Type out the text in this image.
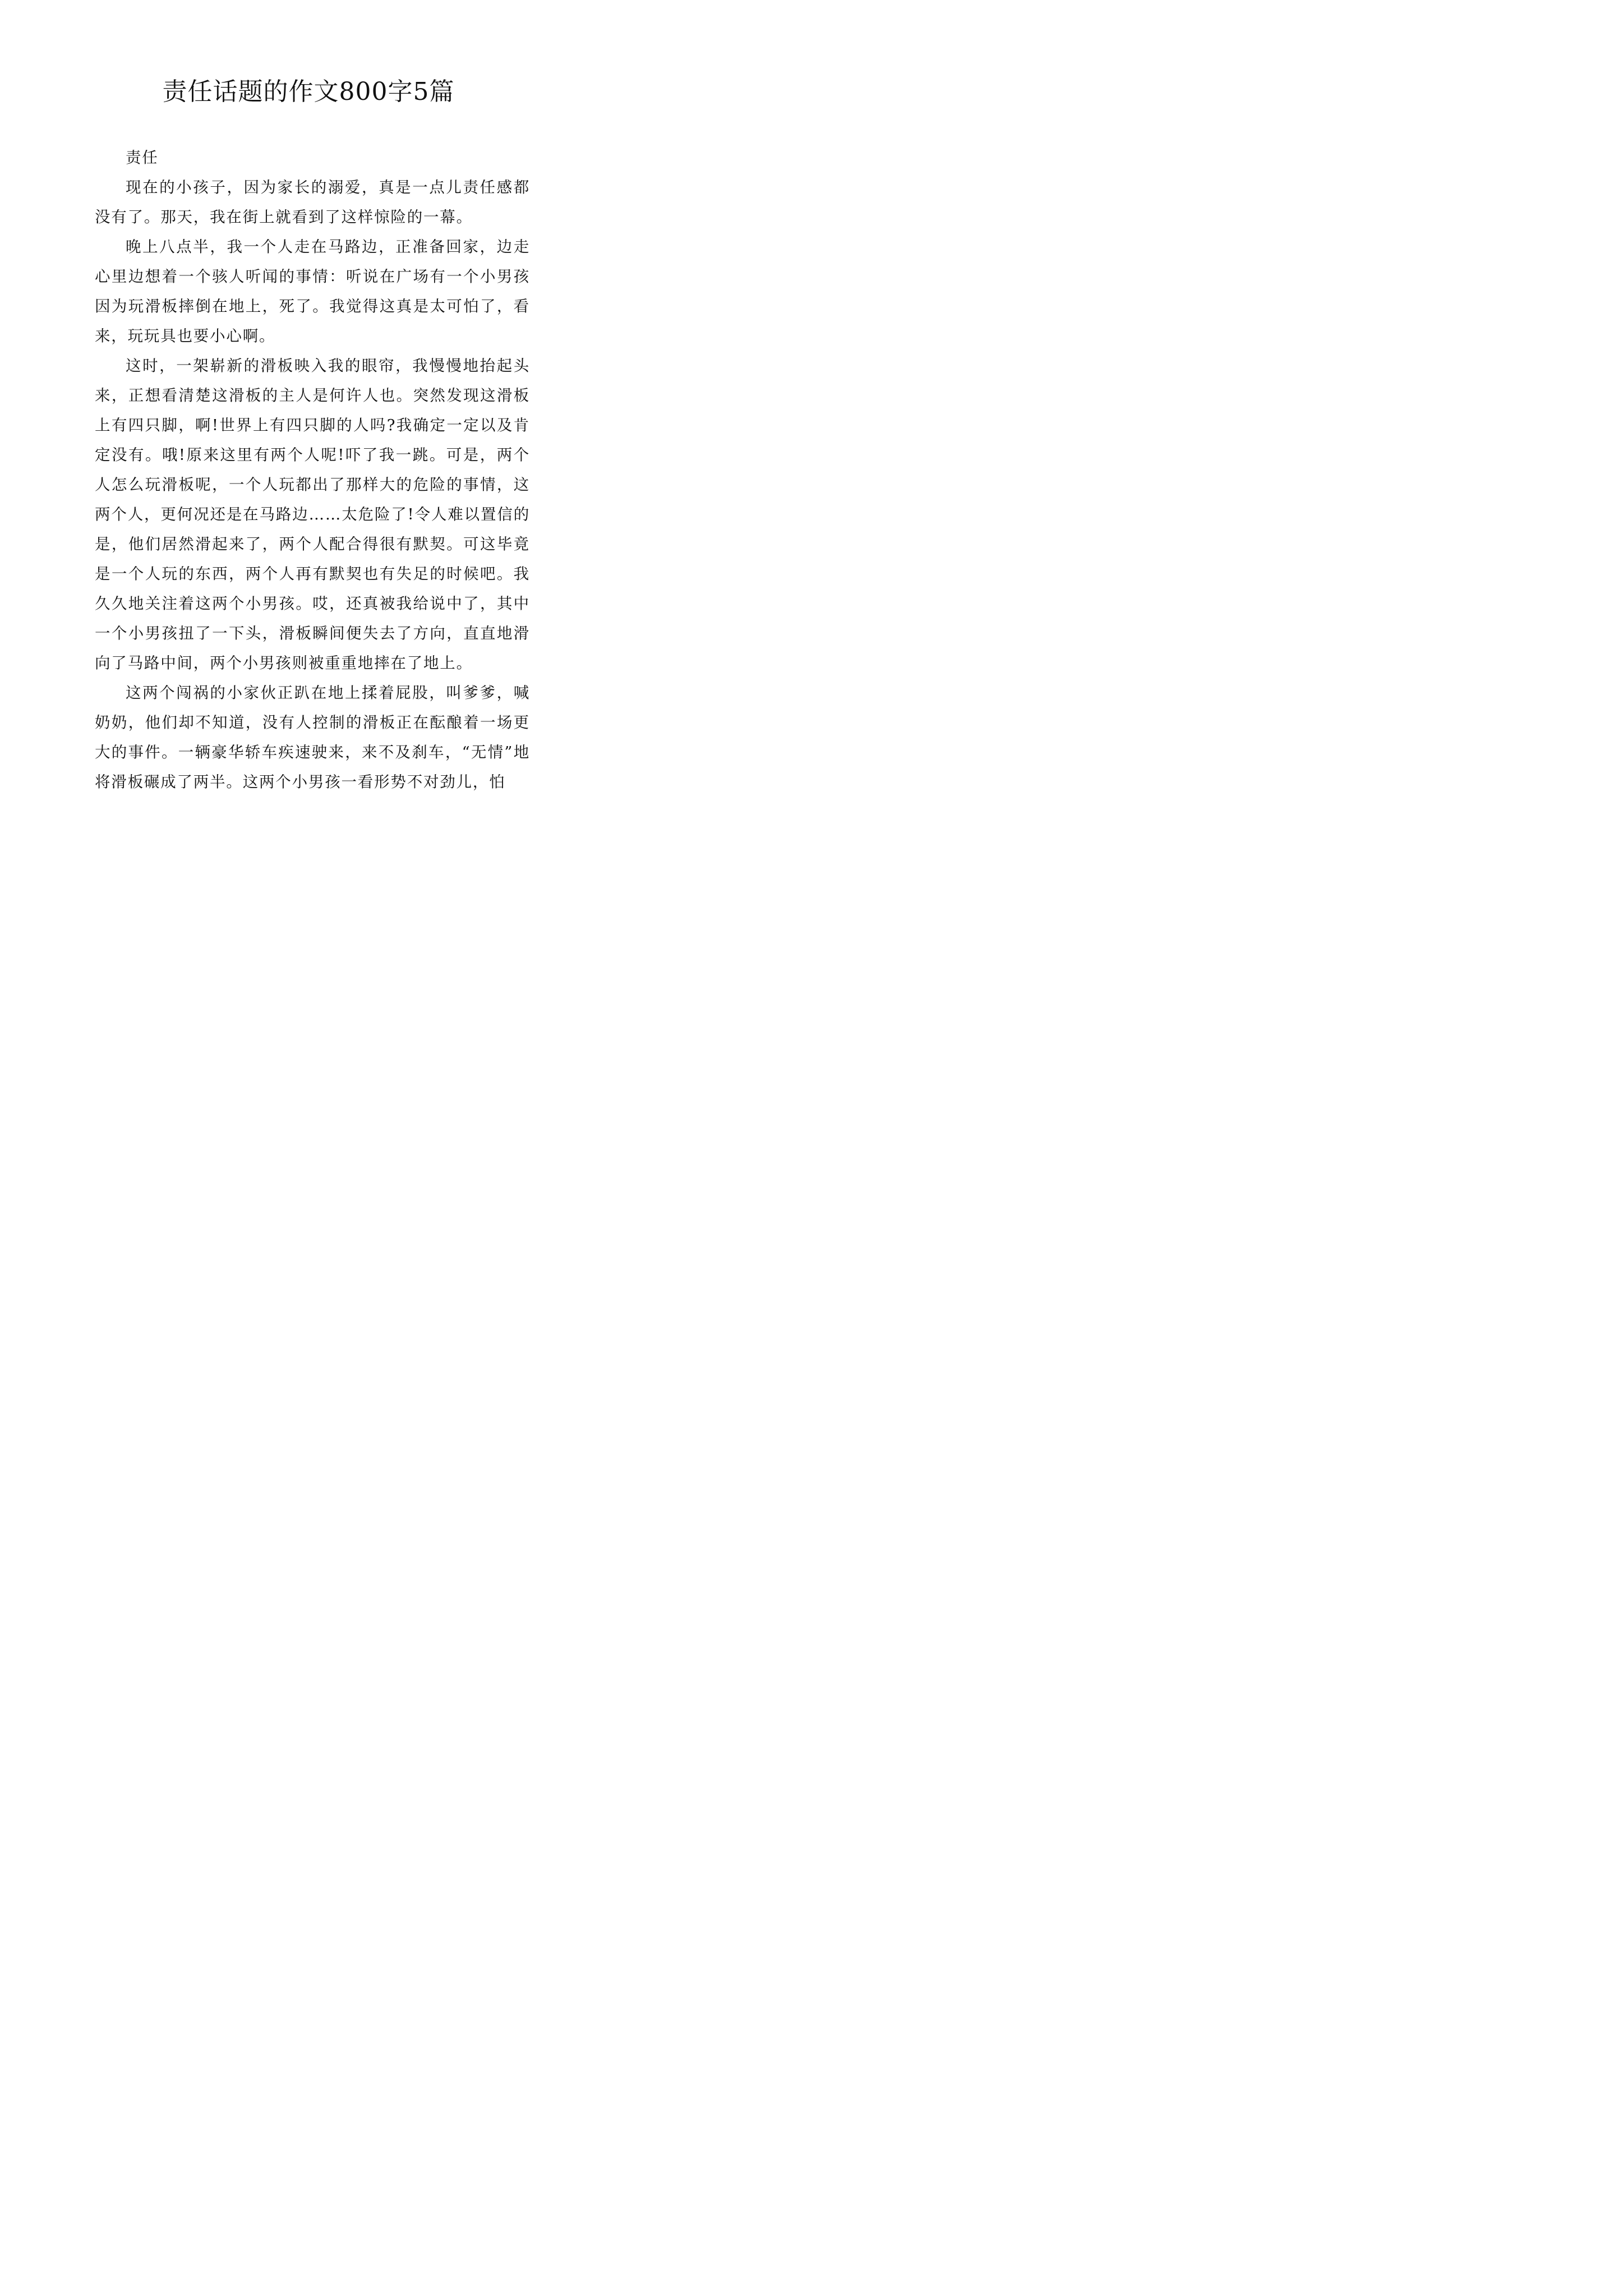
责任话题的作文800字5篇

责任

现在的小孩子，因为家长的溺爱，真是一点儿责任感都没有了。那天，我在街上就看到了这样惊险的一幕。

晚上八点半，我一个人走在马路边，正准备回家，边走心里边想着一个骇人听闻的事情：听说在广场有一个小男孩因为玩滑板摔倒在地上，死了。我觉得这真是太可怕了，看来，玩玩具也要小心啊。

这时，一架崭新的滑板映入我的眼帘，我慢慢地抬起头来，正想看清楚这滑板的主人是何许人也。突然发现这滑板上有四只脚，啊!世界上有四只脚的人吗?我确定一定以及肯定没有。哦!原来这里有两个人呢!吓了我一跳。可是，两个人怎么玩滑板呢，一个人玩都出了那样大的危险的事情，这两个人，更何况还是在马路边……太危险了!令人难以置信的是，他们居然滑起来了，两个人配合得很有默契。可这毕竟是一个人玩的东西，两个人再有默契也有失足的时候吧。我久久地关注着这两个小男孩。哎，还真被我给说中了，其中一个小男孩扭了一下头，滑板瞬间便失去了方向，直直地滑向了马路中间，两个小男孩则被重重地摔在了地上。

这两个闯祸的小家伙正趴在地上揉着屁股，叫爹爹，喊奶奶，他们却不知道，没有人控制的滑板正在酝酿着一场更大的事件。一辆豪华轿车疾速驶来，来不及刹车，“无情”地将滑板碾成了两半。这两个小男孩一看形势不对劲儿，怕
